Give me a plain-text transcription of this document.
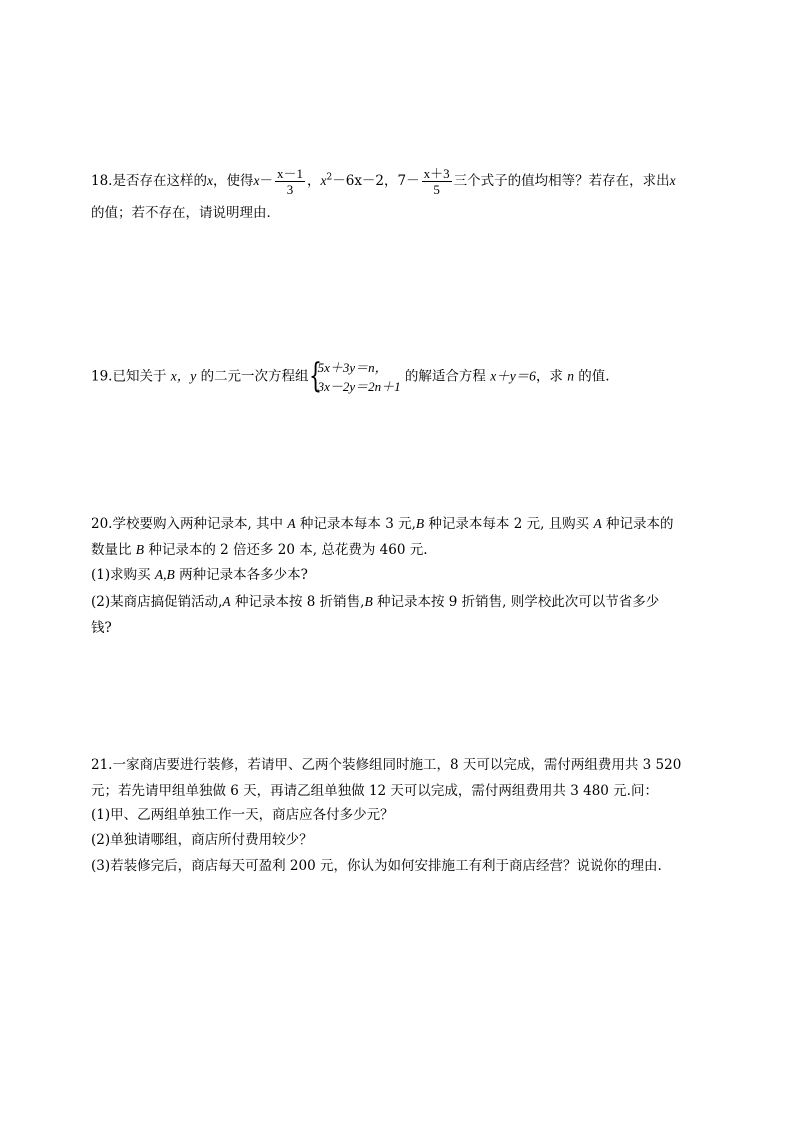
18.是否存在这样的x，使得$x- \frac{x-1}{3}$ ，$x^2-6x-2$，$7- \frac{x+3}{5}$ 三个式子的值均相等？若存在，求出x
的值；若不存在，请说明理由．
19.已知关于 x，y 的二元一次方程组 {
5x＋3y＝n，
3x－2y＝2n＋1
的解适合方程 x＋y＝6，求 n 的值.
20.学校要购入两种记录本, 其中 A 种记录本每本 3 元,B 种记录本每本 2 元, 且购买 A 种记录本的
数量比 B 种记录本的 2 倍还多 20 本, 总花费为 460 元.
(1)求购买 A,B 两种记录本各多少本?
(2)某商店搞促销活动,A 种记录本按 8 折销售,B 种记录本按 9 折销售, 则学校此次可以节省多少
钱?
21.一家商店要进行装修，若请甲、乙两个装修组同时施工，8 天可以完成，需付两组费用共 3 520
元；若先请甲组单独做 6 天，再请乙组单独做 12 天可以完成，需付两组费用共 3 480 元.问：
(1)甲、乙两组单独工作一天，商店应各付多少元？
(2)单独请哪组，商店所付费用较少？
(3)若装修完后，商店每天可盈利 200 元，你认为如何安排施工有利于商店经营？说说你的理由.
